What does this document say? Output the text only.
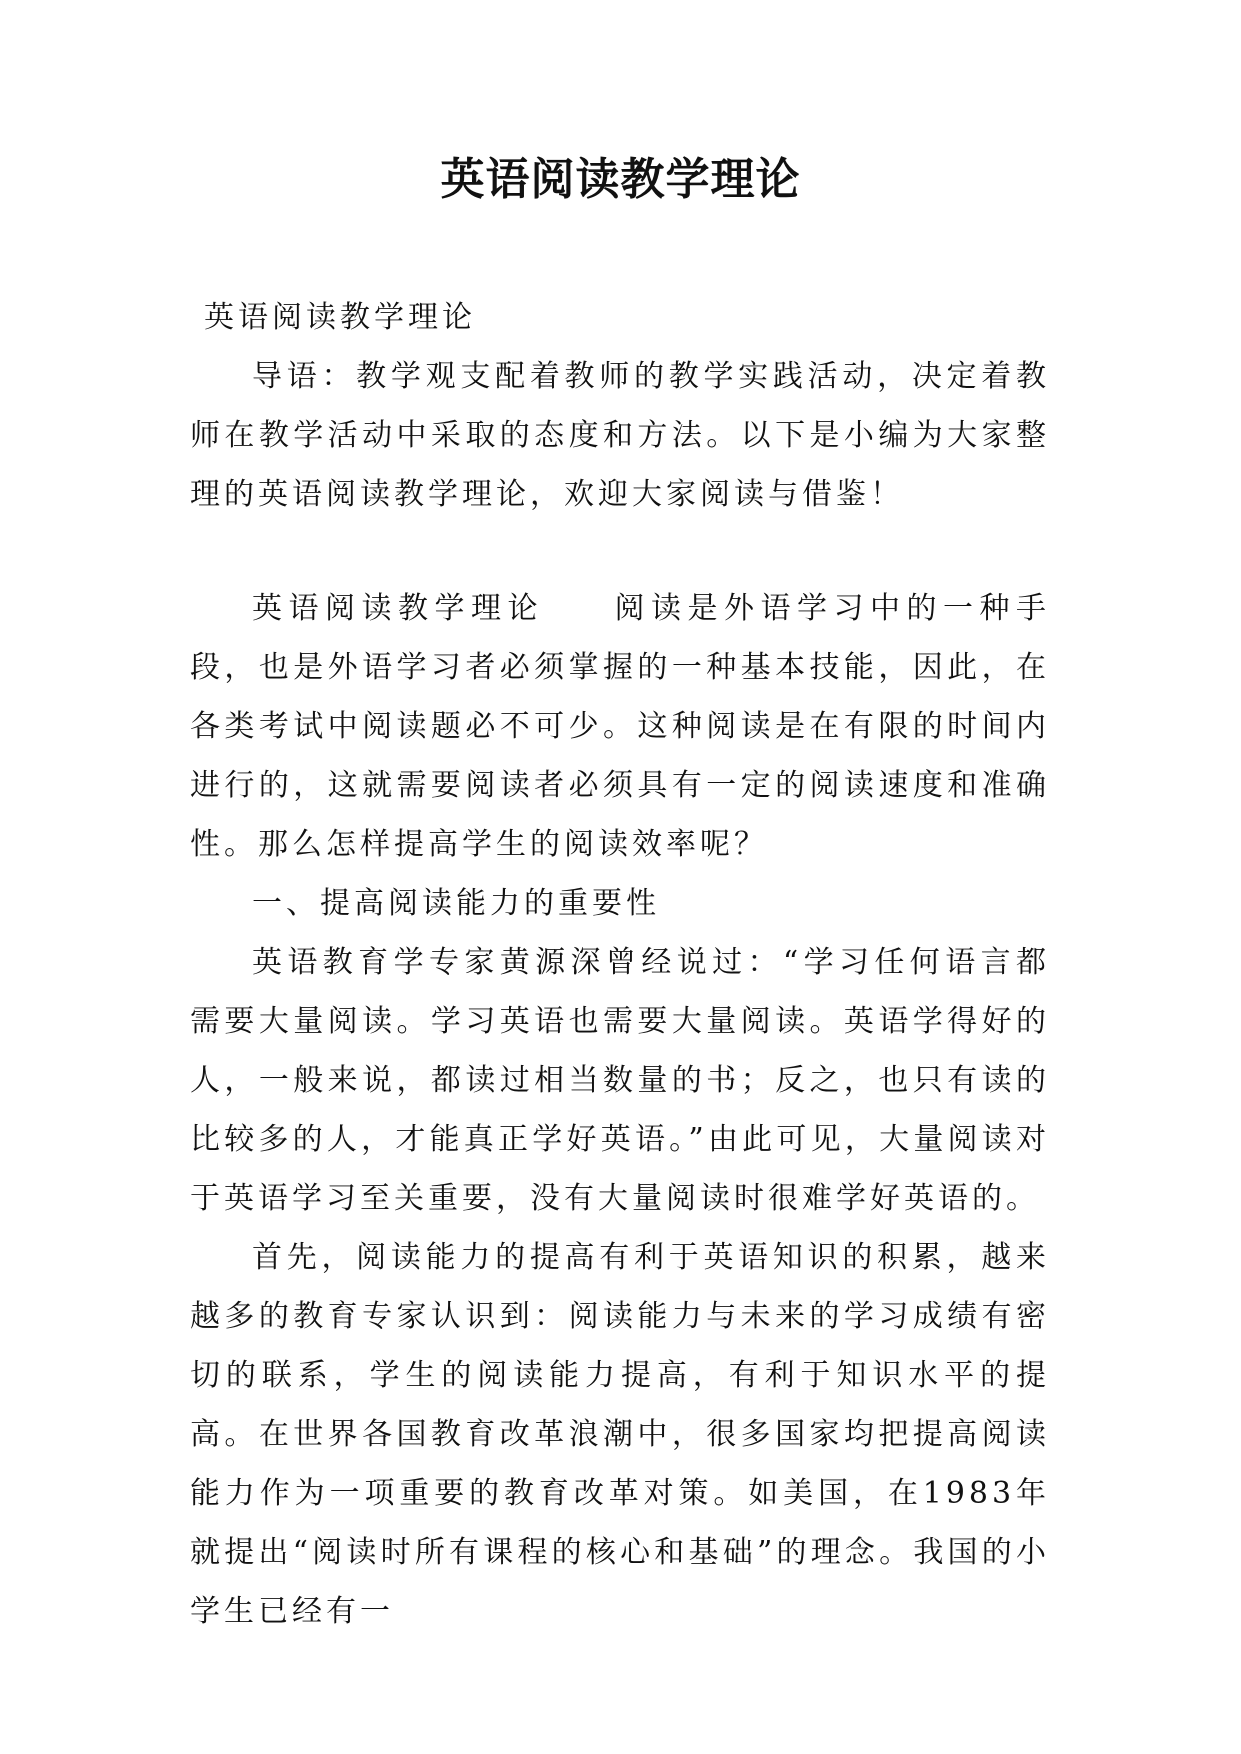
英语阅读教学理论

英语阅读教学理论

导语：教学观支配着教师的教学实践活动，决定着教师在教学活动中采取的态度和方法。以下是小编为大家整理的英语阅读教学理论，欢迎大家阅读与借鉴！

英语阅读教学理论 阅读是外语学习中的一种手段，也是外语学习者必须掌握的一种基本技能，因此，在各类考试中阅读题必不可少。这种阅读是在有限的时间内进行的，这就需要阅读者必须具有一定的阅读速度和准确性。那么怎样提高学生的阅读效率呢？

一、提高阅读能力的重要性

英语教育学专家黄源深曾经说过：“学习任何语言都需要大量阅读。学习英语也需要大量阅读。英语学得好的人，一般来说，都读过相当数量的书；反之，也只有读的比较多的人，才能真正学好英语。”由此可见，大量阅读对于英语学习至关重要，没有大量阅读时很难学好英语的。

首先，阅读能力的提高有利于英语知识的积累，越来越多的教育专家认识到：阅读能力与未来的学习成绩有密切的联系，学生的阅读能力提高，有利于知识水平的提高。在世界各国教育改革浪潮中，很多国家均把提高阅读能力作为一项重要的教育改革对策。如美国，在1983年就提出“阅读时所有课程的核心和基础”的理念。我国的小学生已经有一
